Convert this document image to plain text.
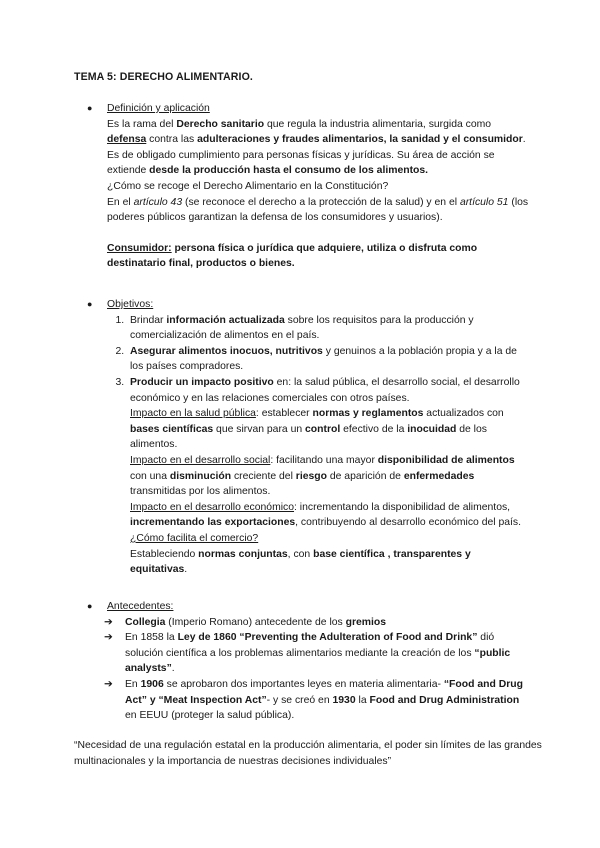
TEMA 5: DERECHO ALIMENTARIO.
● Definición y aplicación
Es la rama del Derecho sanitario que regula la industria alimentaria, surgida como defensa contra las adulteraciones y fraudes alimentarios, la sanidad y el consumidor.
Es de obligado cumplimiento para personas físicas y jurídicas. Su área de acción se extiende desde la producción hasta el consumo de los alimentos.
¿Cómo se recoge el Derecho Alimentario en la Constitución?
En el artículo 43 (se reconoce el derecho a la protección de la salud) y en el artículo 51 (los poderes públicos garantizan la defensa de los consumidores y usuarios).
Consumidor: persona física o jurídica que adquiere, utiliza o disfruta como destinatario final, productos o bienes.
● Objetivos:
1. Brindar información actualizada sobre los requisitos para la producción y comercialización de alimentos en el país.
2. Asegurar alimentos inocuos, nutritivos y genuinos a la población propia y a la de los países compradores.
3. Producir un impacto positivo en: la salud pública, el desarrollo social, el desarrollo económico y en las relaciones comerciales con otros países.
Impacto en la salud pública: establecer normas y reglamentos actualizados con bases científicas que sirvan para un control efectivo de la inocuidad de los alimentos.
Impacto en el desarrollo social: facilitando una mayor disponibilidad de alimentos con una disminución creciente del riesgo de aparición de enfermedades transmitidas por los alimentos.
Impacto en el desarrollo económico: incrementando la disponibilidad de alimentos, incrementando las exportaciones, contribuyendo al desarrollo económico del país.
¿Cómo facilita el comercio?
Estableciendo normas conjuntas, con base científica , transparentes y equitativas.
● Antecedentes:
➔ Collegia (Imperio Romano) antecedente de los gremios
➔ En 1858 la Ley de 1860 “Preventing the Adulteration of Food and Drink” dió solución científica a los problemas alimentarios mediante la creación de los “public analysts”.
➔ En 1906 se aprobaron dos importantes leyes en materia alimentaria- “Food and Drug Act” y “Meat Inspection Act”- y se creó en 1930 la Food and Drug Administration en EEUU (proteger la salud pública).
“Necesidad de una regulación estatal en la producción alimentaria, el poder sin límites de las grandes multinacionales y la importancia de nuestras decisiones individuales”
